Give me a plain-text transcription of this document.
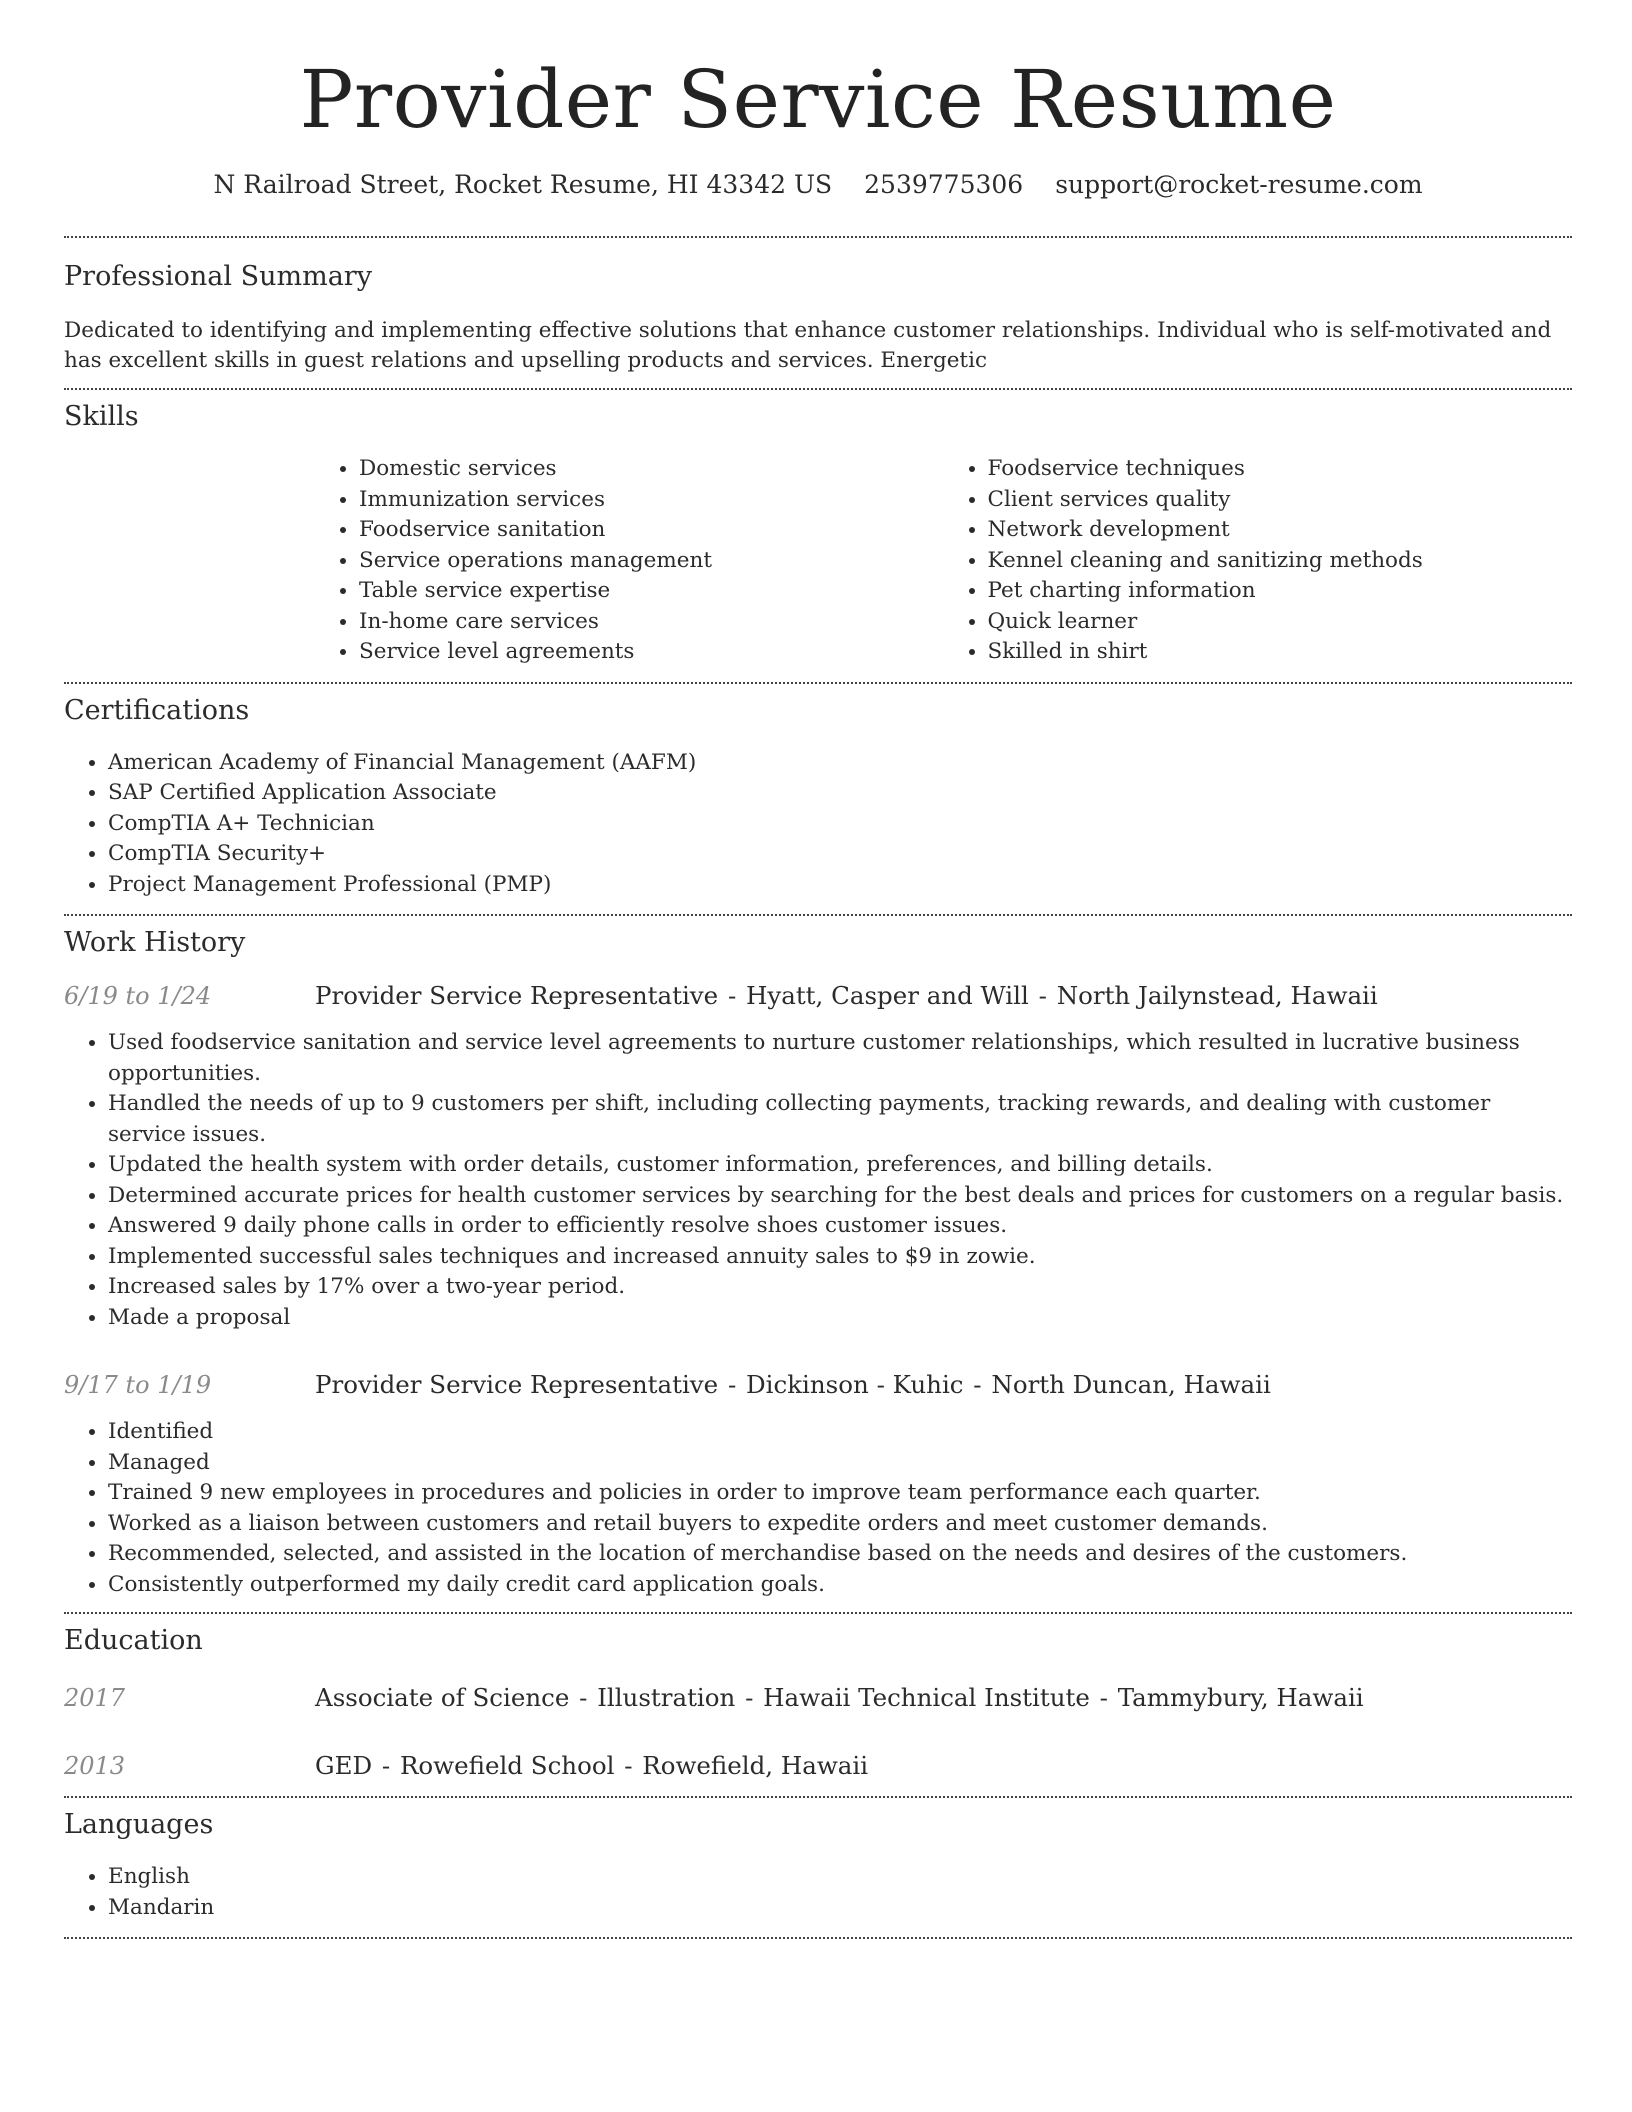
Provider Service Resume
N Railroad Street, Rocket Resume, HI 43342 US 2539775306 support@rocket-resume.com
Professional Summary

Dedicated to identifying and implementing effective solutions that enhance customer relationships. Individual who is self-motivated and has excellent skills in guest relations and upselling products and services. Energetic

Skills
• Domestic services
• Immunization services
• Foodservice sanitation
• Service operations management
• Table service expertise
• In-home care services
• Service level agreements
• Foodservice techniques
• Client services quality
• Network development
• Kennel cleaning and sanitizing methods
• Pet charting information
• Quick learner
• Skilled in shirt
Certifications
• American Academy of Financial Management (AAFM)
• SAP Certified Application Associate
• CompTIA A+ Technician
• CompTIA Security+
• Project Management Professional (PMP)
Work History
6/19 to 1/24	Provider Service Representative - Hyatt, Casper and Will - North Jailynstead, Hawaii
• Used foodservice sanitation and service level agreements to nurture customer relationships, which resulted in lucrative business opportunities.
• Handled the needs of up to 9 customers per shift, including collecting payments, tracking rewards, and dealing with customer service issues.
• Updated the health system with order details, customer information, preferences, and billing details.
• Determined accurate prices for health customer services by searching for the best deals and prices for customers on a regular basis.
• Answered 9 daily phone calls in order to efficiently resolve shoes customer issues.
• Implemented successful sales techniques and increased annuity sales to $9 in zowie.
• Increased sales by 17% over a two-year period.
• Made a proposal
9/17 to 1/19	Provider Service Representative - Dickinson - Kuhic - North Duncan, Hawaii
• Identified
• Managed
• Trained 9 new employees in procedures and policies in order to improve team performance each quarter.
• Worked as a liaison between customers and retail buyers to expedite orders and meet customer demands.
• Recommended, selected, and assisted in the location of merchandise based on the needs and desires of the customers.
• Consistently outperformed my daily credit card application goals.
Education
2017	Associate of Science - Illustration - Hawaii Technical Institute - Tammybury, Hawaii
2013	GED - Rowefield School - Rowefield, Hawaii
Languages
• English
• Mandarin
